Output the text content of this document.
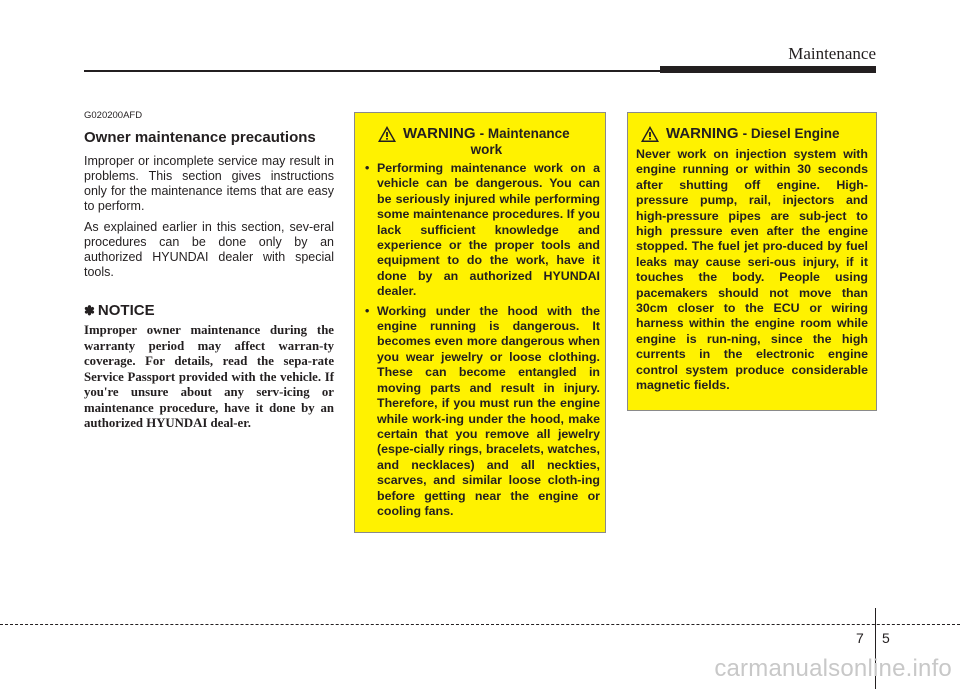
Maintenance

G020200AFD

Owner maintenance precautions

Improper or incomplete service may result in problems. This section gives instructions only for the maintenance items that are easy to perform.

As explained earlier in this section, sev-eral procedures can be done only by an authorized HYUNDAI dealer with special tools.

✽ NOTICE

Improper owner maintenance during the warranty period may affect warran-ty coverage. For details, read the sepa-rate Service Passport provided with the vehicle. If you're unsure about any serv-icing or maintenance procedure, have it done by an authorized HYUNDAI deal-er.

WARNING - Maintenance
work
• Performing maintenance work on a vehicle can be dangerous. You can be seriously injured while performing some maintenance procedures. If you lack sufficient knowledge and experience or the proper tools and equipment to do the work, have it done by an authorized HYUNDAI dealer.
• Working under the hood with the engine running is dangerous. It becomes even more dangerous when you wear jewelry or loose clothing. These can become entangled in moving parts and result in injury. Therefore, if you must run the engine while work-ing under the hood, make certain that you remove all jewelry (espe-cially rings, bracelets, watches, and necklaces) and all neckties, scarves, and similar loose cloth-ing before getting near the engine or cooling fans.
WARNING - Diesel Engine

Never work on injection system with engine running or within 30 seconds after shutting off engine. High-pressure pump, rail, injectors and high-pressure pipes are sub-ject to high pressure even after the engine stopped. The fuel jet pro-duced by fuel leaks may cause seri-ous injury, if it touches the body. People using pacemakers should not move than 30cm closer to the ECU or wiring harness within the engine room while engine is run-ning, since the high currents in the electronic engine control system produce considerable magnetic fields.

7 5
carmanualsonline.info
